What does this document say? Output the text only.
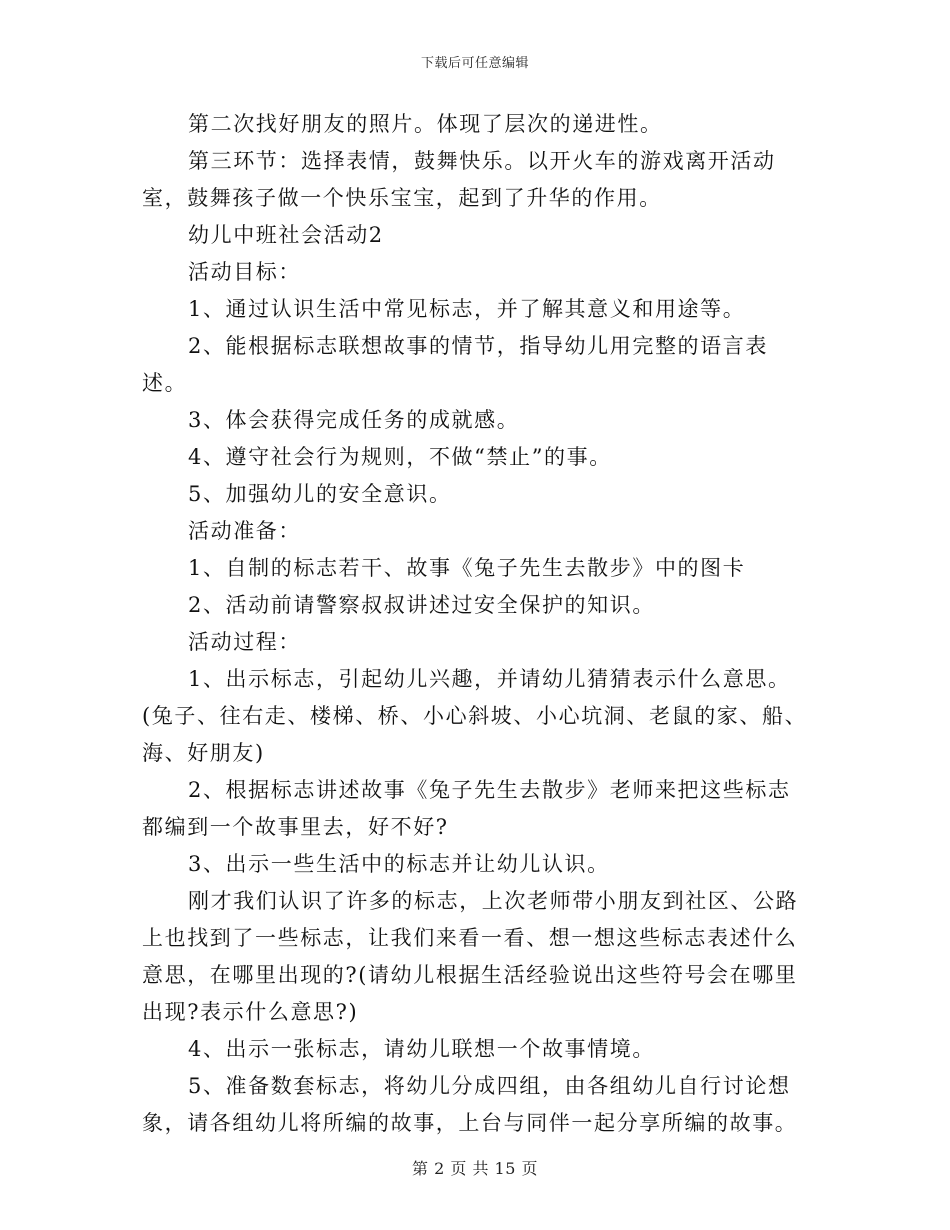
下载后可任意编辑

第二次找好朋友的照片。体现了层次的递进性。

第三环节：选择表情，鼓舞快乐。以开火车的游戏离开活动室，鼓舞孩子做一个快乐宝宝，起到了升华的作用。

幼儿中班社会活动2

活动目标：

1、通过认识生活中常见标志，并了解其意义和用途等。

2、能根据标志联想故事的情节，指导幼儿用完整的语言表述。

3、体会获得完成任务的成就感。

4、遵守社会行为规则，不做“禁止”的事。

5、加强幼儿的安全意识。

活动准备：

1、自制的标志若干、故事《兔子先生去散步》中的图卡

2、活动前请警察叔叔讲述过安全保护的知识。

活动过程：

1、出示标志，引起幼儿兴趣，并请幼儿猜猜表示什么意思。(兔子、往右走、楼梯、桥、小心斜坡、小心坑洞、老鼠的家、船、海、好朋友)

2、根据标志讲述故事《兔子先生去散步》老师来把这些标志都编到一个故事里去，好不好?

3、出示一些生活中的标志并让幼儿认识。

刚才我们认识了许多的标志，上次老师带小朋友到社区、公路上也找到了一些标志，让我们来看一看、想一想这些标志表述什么意思，在哪里出现的?(请幼儿根据生活经验说出这些符号会在哪里出现?表示什么意思?)

4、出示一张标志，请幼儿联想一个故事情境。

5、准备数套标志，将幼儿分成四组，由各组幼儿自行讨论想象，请各组幼儿将所编的故事，上台与同伴一起分享所编的故事。

第 2 页 共 15 页
